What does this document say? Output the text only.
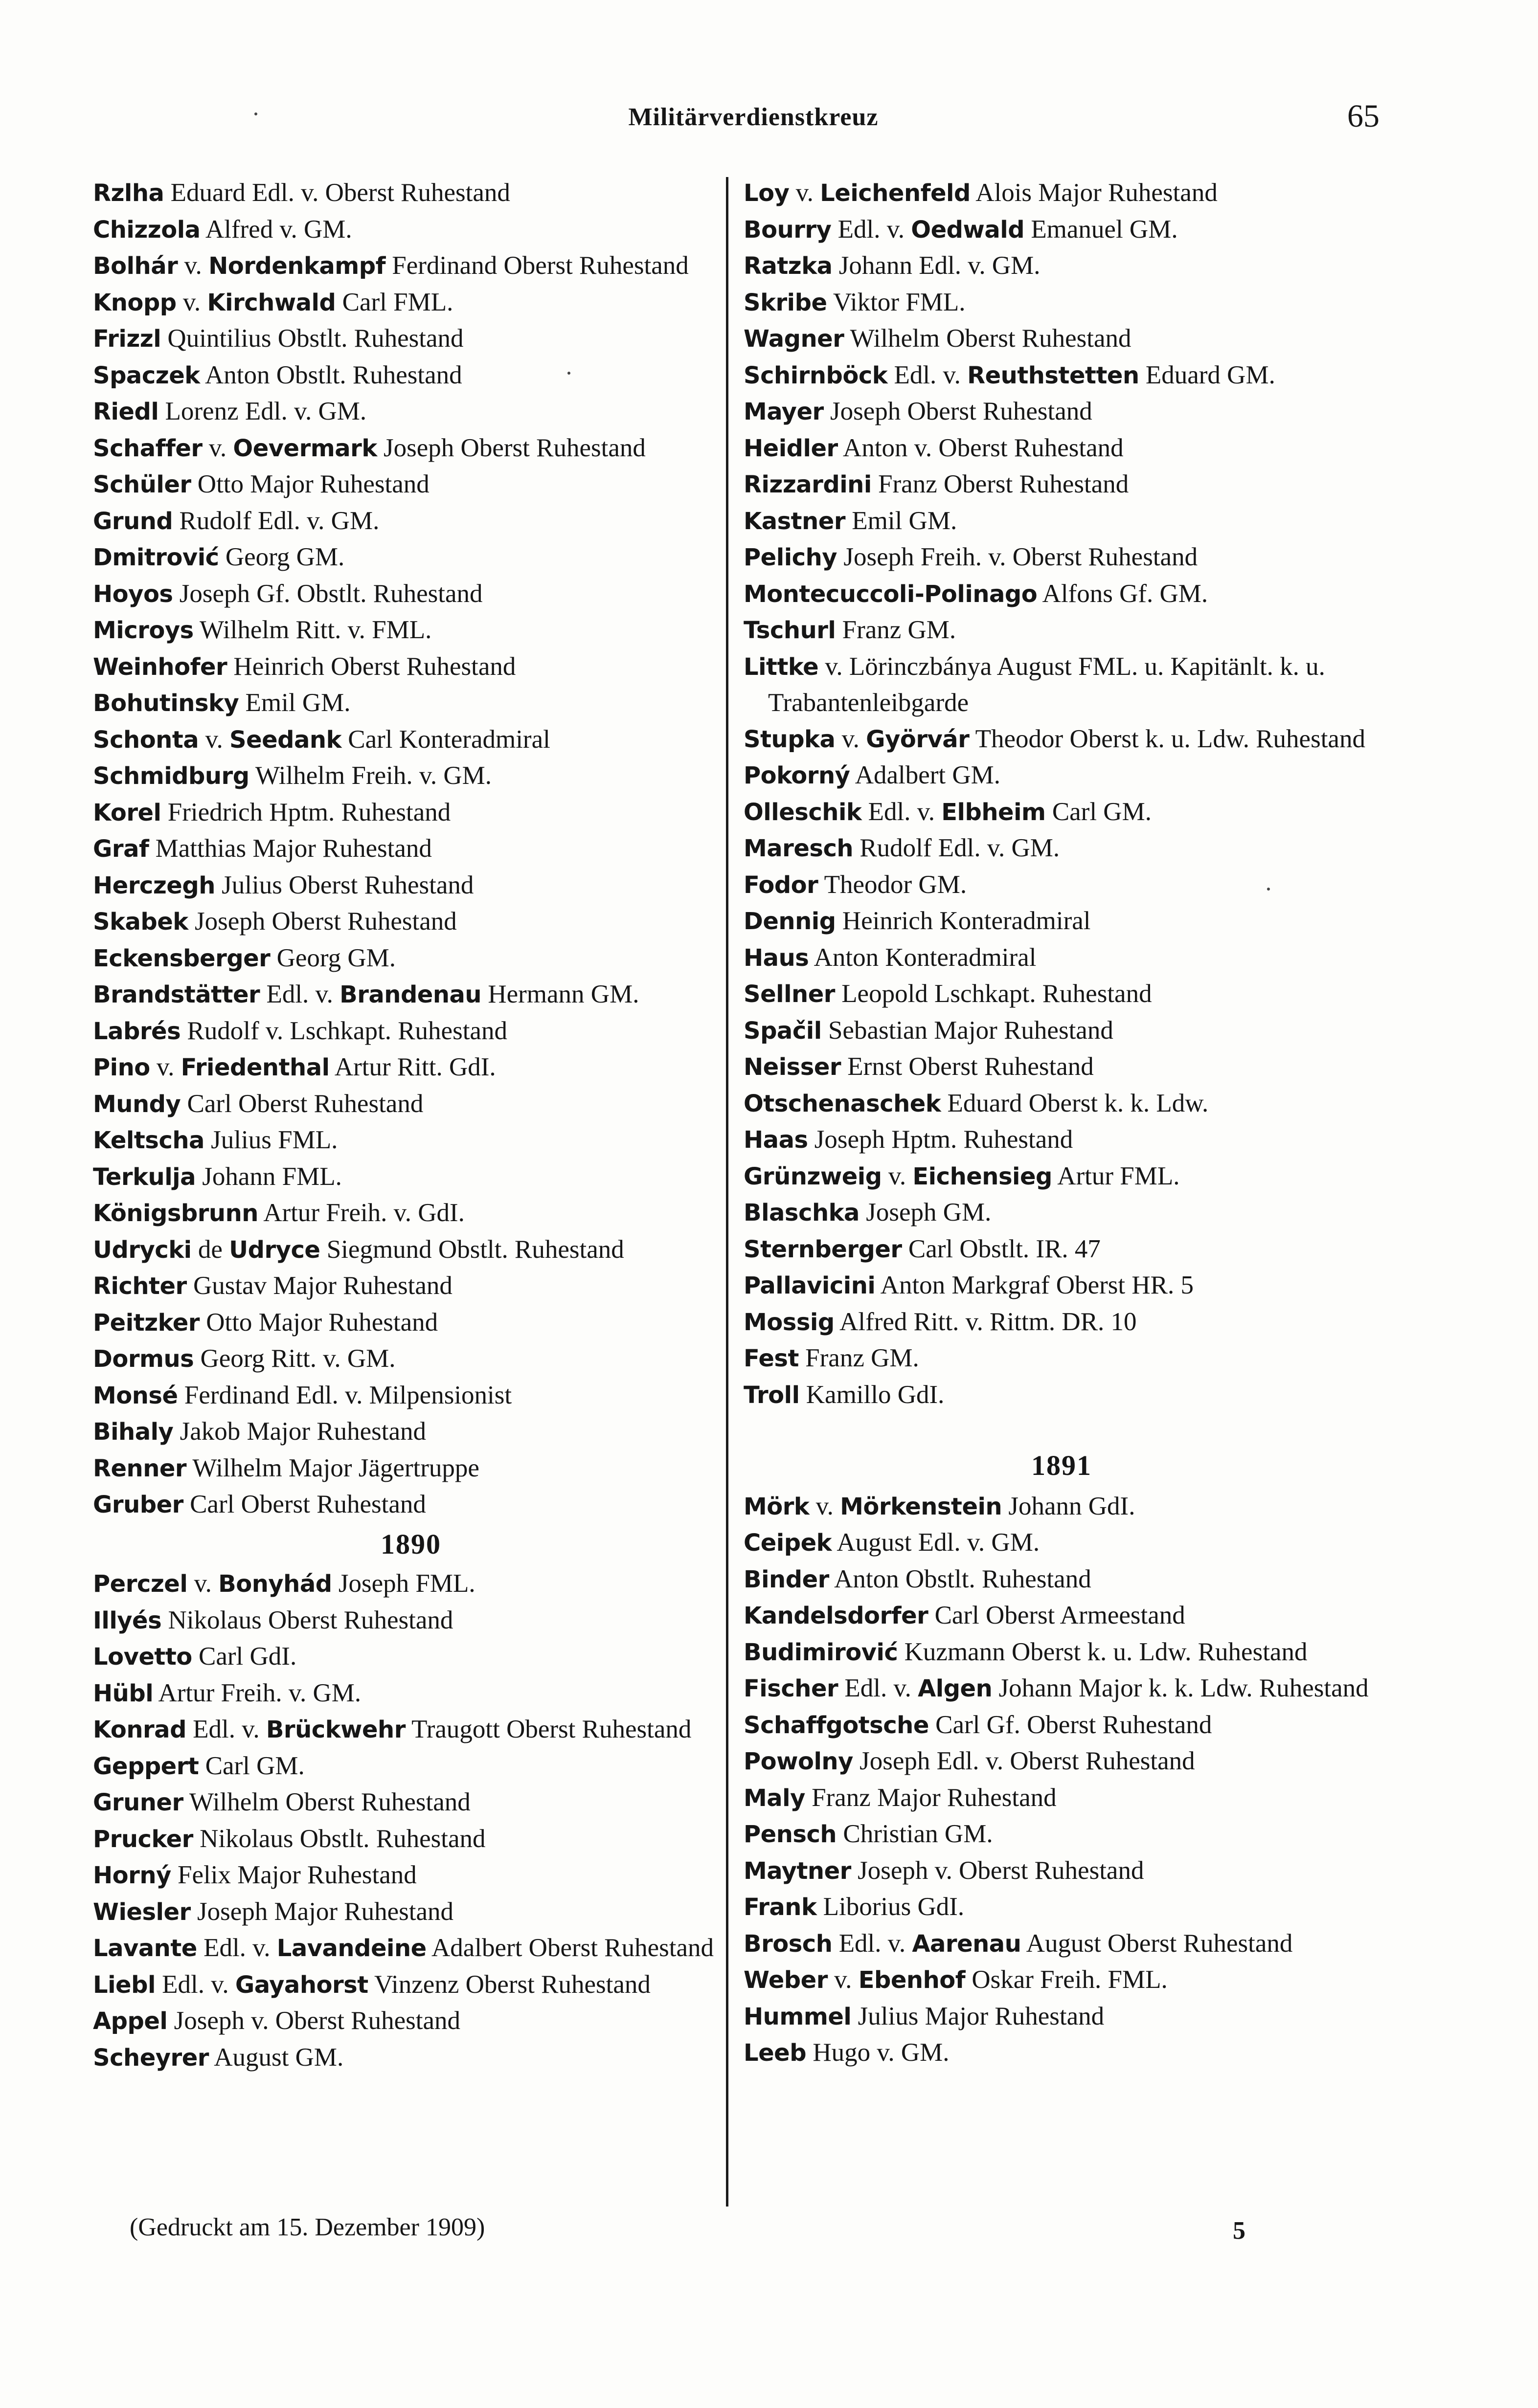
Militärverdienstkreuz	65

Rzlha Eduard Edl. v. Oberst Ruhestand

Chizzola Alfred v. GM.

Bolhár v. Nordenkampf Ferdinand Oberst Ruhestand

Knopp v. Kirchwald Carl FML.

Frizzl Quintilius Obstlt. Ruhestand

Spaczek Anton Obstlt. Ruhestand

Riedl Lorenz Edl. v. GM.

Schaffer v. Oevermark Joseph Oberst Ruhestand

Schüler Otto Major Ruhestand

Grund Rudolf Edl. v. GM.

Dmitrović Georg GM.

Hoyos Joseph Gf. Obstlt. Ruhestand

Microys Wilhelm Ritt. v. FML.

Weinhofer Heinrich Oberst Ruhestand

Bohutinsky Emil GM.

Schonta v. Seedank Carl Konteradmiral

Schmidburg Wilhelm Freih. v. GM.

Korel Friedrich Hptm. Ruhestand

Graf Matthias Major Ruhestand

Herczegh Julius Oberst Ruhestand

Skabek Joseph Oberst Ruhestand

Eckensberger Georg GM.

Brandstätter Edl. v. Brandenau Hermann GM.

Labrés Rudolf v. Lschkapt. Ruhestand

Pino v. Friedenthal Artur Ritt. GdI.

Mundy Carl Oberst Ruhestand

Keltscha Julius FML.

Terkulja Johann FML.

Königsbrunn Artur Freih. v. GdI.

Udrycki de Udryce Siegmund Obstlt. Ruhestand

Richter Gustav Major Ruhestand

Peitzker Otto Major Ruhestand

Dormus Georg Ritt. v. GM.

Monsé Ferdinand Edl. v. Milpensionist

Bihaly Jakob Major Ruhestand

Renner Wilhelm Major Jägertruppe

Gruber Carl Oberst Ruhestand

1890

Perczel v. Bonyhád Joseph FML.

Illyés Nikolaus Oberst Ruhestand

Lovetto Carl GdI.

Hübl Artur Freih. v. GM.

Konrad Edl. v. Brückwehr Traugott Oberst Ruhestand

Geppert Carl GM.

Gruner Wilhelm Oberst Ruhestand

Prucker Nikolaus Obstlt. Ruhestand

Horný Felix Major Ruhestand

Wiesler Joseph Major Ruhestand

Lavante Edl. v. Lavandeine Adalbert Oberst Ruhestand

Liebl Edl. v. Gayahorst Vinzenz Oberst Ruhestand

Appel Joseph v. Oberst Ruhestand

Scheyrer August GM.

Loy v. Leichenfeld Alois Major Ruhestand

Bourry Edl. v. Oedwald Emanuel GM.

Ratzka Johann Edl. v. GM.

Skribe Viktor FML.

Wagner Wilhelm Oberst Ruhestand

Schirnböck Edl. v. Reuthstetten Eduard GM.

Mayer Joseph Oberst Ruhestand

Heidler Anton v. Oberst Ruhestand

Rizzardini Franz Oberst Ruhestand

Kastner Emil GM.

Pelichy Joseph Freih. v. Oberst Ruhestand

Montecuccoli-Polinago Alfons Gf. GM.

Tschurl Franz GM.

Littke v. Lörinczbánya August FML. u. Kapitänlt. k. u. Trabantenleibgarde

Stupka v. Györvár Theodor Oberst k. u. Ldw. Ruhestand

Pokorný Adalbert GM.

Olleschik Edl. v. Elbheim Carl GM.

Maresch Rudolf Edl. v. GM.

Fodor Theodor GM.

Dennig Heinrich Konteradmiral

Haus Anton Konteradmiral

Sellner Leopold Lschkapt. Ruhestand

Spačil Sebastian Major Ruhestand

Neisser Ernst Oberst Ruhestand

Otschenaschek Eduard Oberst k. k. Ldw.

Haas Joseph Hptm. Ruhestand

Grünzweig v. Eichensieg Artur FML.

Blaschka Joseph GM.

Sternberger Carl Obstlt. IR. 47

Pallavicini Anton Markgraf Oberst HR. 5

Mossig Alfred Ritt. v. Rittm. DR. 10

Fest Franz GM.

Troll Kamillo GdI.

1891

Mörk v. Mörkenstein Johann GdI.

Ceipek August Edl. v. GM.

Binder Anton Obstlt. Ruhestand

Kandelsdorfer Carl Oberst Armeestand

Budimirović Kuzmann Oberst k. u. Ldw. Ruhestand

Fischer Edl. v. Algen Johann Major k. k. Ldw. Ruhestand

Schaffgotsche Carl Gf. Oberst Ruhestand

Powolny Joseph Edl. v. Oberst Ruhestand

Maly Franz Major Ruhestand

Pensch Christian GM.

Maytner Joseph v. Oberst Ruhestand

Frank Liborius GdI.

Brosch Edl. v. Aarenau August Oberst Ruhestand

Weber v. Ebenhof Oskar Freih. FML.

Hummel Julius Major Ruhestand

Leeb Hugo v. GM.

(Gedruckt am 15. Dezember 1909)	5
